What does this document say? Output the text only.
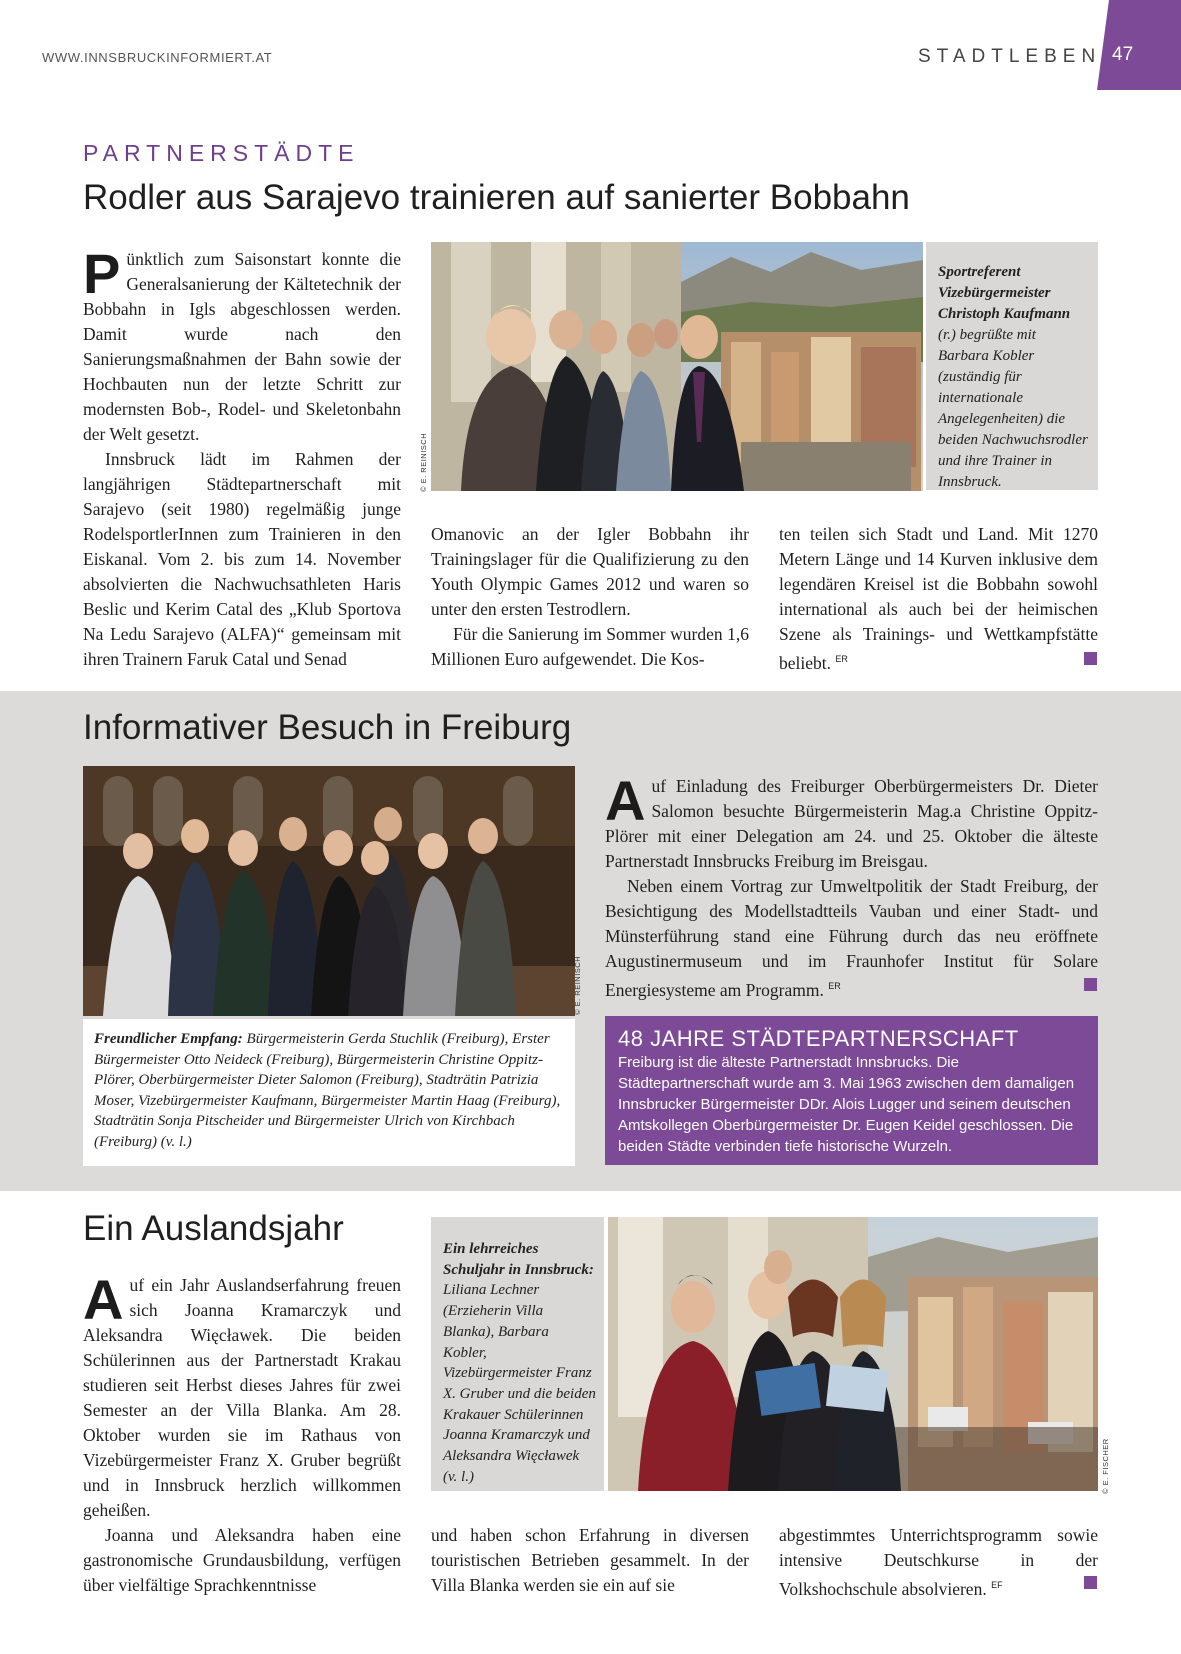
WWW.INNSBRUCKINFORMIERT.AT	STADTLEBEN 47
PARTNERSTÄDTE
Rodler aus Sarajevo trainieren auf sanierter Bobbahn

Pünktlich zum Saisonstart konnte die Generalsanierung der Kältetechnik der Bobbahn in Igls abgeschlossen werden. Damit wurde nach den Sanierungsmaßnahmen der Bahn sowie der Hochbauten nun der letzte Schritt zur modernsten Bob-, Rodel- und Skeletonbahn der Welt gesetzt.

Innsbruck lädt im Rahmen der langjährigen Städtepartnerschaft mit Sarajevo (seit 1980) regelmäßig junge RodelsportlerInnen zum Trainieren in den Eiskanal. Vom 2. bis zum 14. November absolvierten die Nachwuchsathleten Haris Beslic und Kerim Catal des „Klub Sportova Na Ledu Sarajevo (ALFA)“ gemeinsam mit ihren Trainern Faruk Catal und Senad

© E. REINISCH
Sportreferent Vizebürgermeister Christoph Kaufmann (r.) begrüßte mit Barbara Kobler (zuständig für internationale Angelegenheiten) die beiden Nachwuchsrodler und ihre Trainer in Innsbruck.

Omanovic an der Igler Bobbahn ihr Trainingslager für die Qualifizierung zu den Youth Olympic Games 2012 und waren so unter den ersten Testrodlern.

Für die Sanierung im Sommer wurden 1,6 Millionen Euro aufgewendet. Die Kos-

ten teilen sich Stadt und Land. Mit 1270 Metern Länge und 14 Kurven inklusive dem legendären Kreisel ist die Bobbahn sowohl international als auch bei der heimischen Szene als Trainings- und Wettkampfstätte beliebt. $^{ER}$

Informativer Besuch in Freiburg
© E. REINISCH
Freundlicher Empfang: Bürgermeisterin Gerda Stuchlik (Freiburg), Erster Bürgermeister Otto Neideck (Freiburg), Bürgermeisterin Christine Oppitz-Plörer, Oberbürgermeister Dieter Salomon (Freiburg), Stadträtin Patrizia Moser, Vizebürgermeister Kaufmann, Bürgermeister Martin Haag (Freiburg), Stadträtin Sonja Pitscheider und Bürgermeister Ulrich von Kirchbach (Freiburg) (v. l.)

Auf Einladung des Freiburger Oberbürgermeisters Dr. Dieter Salomon besuchte Bürgermeisterin Mag.a Christine Oppitz-Plörer mit einer Delegation am 24. und 25. Oktober die älteste Partnerstadt Innsbrucks Freiburg im Breisgau.

Neben einem Vortrag zur Umweltpolitik der Stadt Freiburg, der Besichtigung des Modellstadtteils Vauban und einer Stadt- und Münsterführung stand eine Führung durch das neu eröffnete Augustinermuseum und im Fraunhofer Institut für Solare Energiesysteme am Programm. $^{ER}$

48 JAHRE STÄDTEPARTNERSCHAFT

Freiburg ist die älteste Partnerstadt Innsbrucks. Die Städtepartnerschaft wurde am 3. Mai 1963 zwischen dem damaligen Innsbrucker Bürgermeister DDr. Alois Lugger und seinem deutschen Amtskollegen Oberbürgermeister Dr. Eugen Keidel geschlossen. Die beiden Städte verbinden tiefe historische Wurzeln.

Ein Auslandsjahr

Auf ein Jahr Auslandserfahrung freuen sich Joanna Kramarczyk und Aleksandra Więcławek. Die beiden Schülerinnen aus der Partnerstadt Krakau studieren seit Herbst dieses Jahres für zwei Semester an der Villa Blanka. Am 28. Oktober wurden sie im Rathaus von Vizebürgermeister Franz X. Gruber begrüßt und in Innsbruck herzlich willkommen geheißen.

Joanna und Aleksandra haben eine gastronomische Grundausbildung, verfügen über vielfältige Sprachkenntnisse

Ein lehrreiches Schuljahr in Innsbruck: Liliana Lechner (Erzieherin Villa Blanka), Barbara Kobler, Vizebürgermeister Franz X. Gruber und die beiden Krakauer Schülerinnen Joanna Kramarczyk und Aleksandra Więcławek (v. l.)	© E. FISCHER

und haben schon Erfahrung in diversen touristischen Betrieben gesammelt. In der Villa Blanka werden sie ein auf sie

abgestimmtes Unterrichtsprogramm sowie intensive Deutschkurse in der Volkshochschule absolvieren. $^{EF}$
